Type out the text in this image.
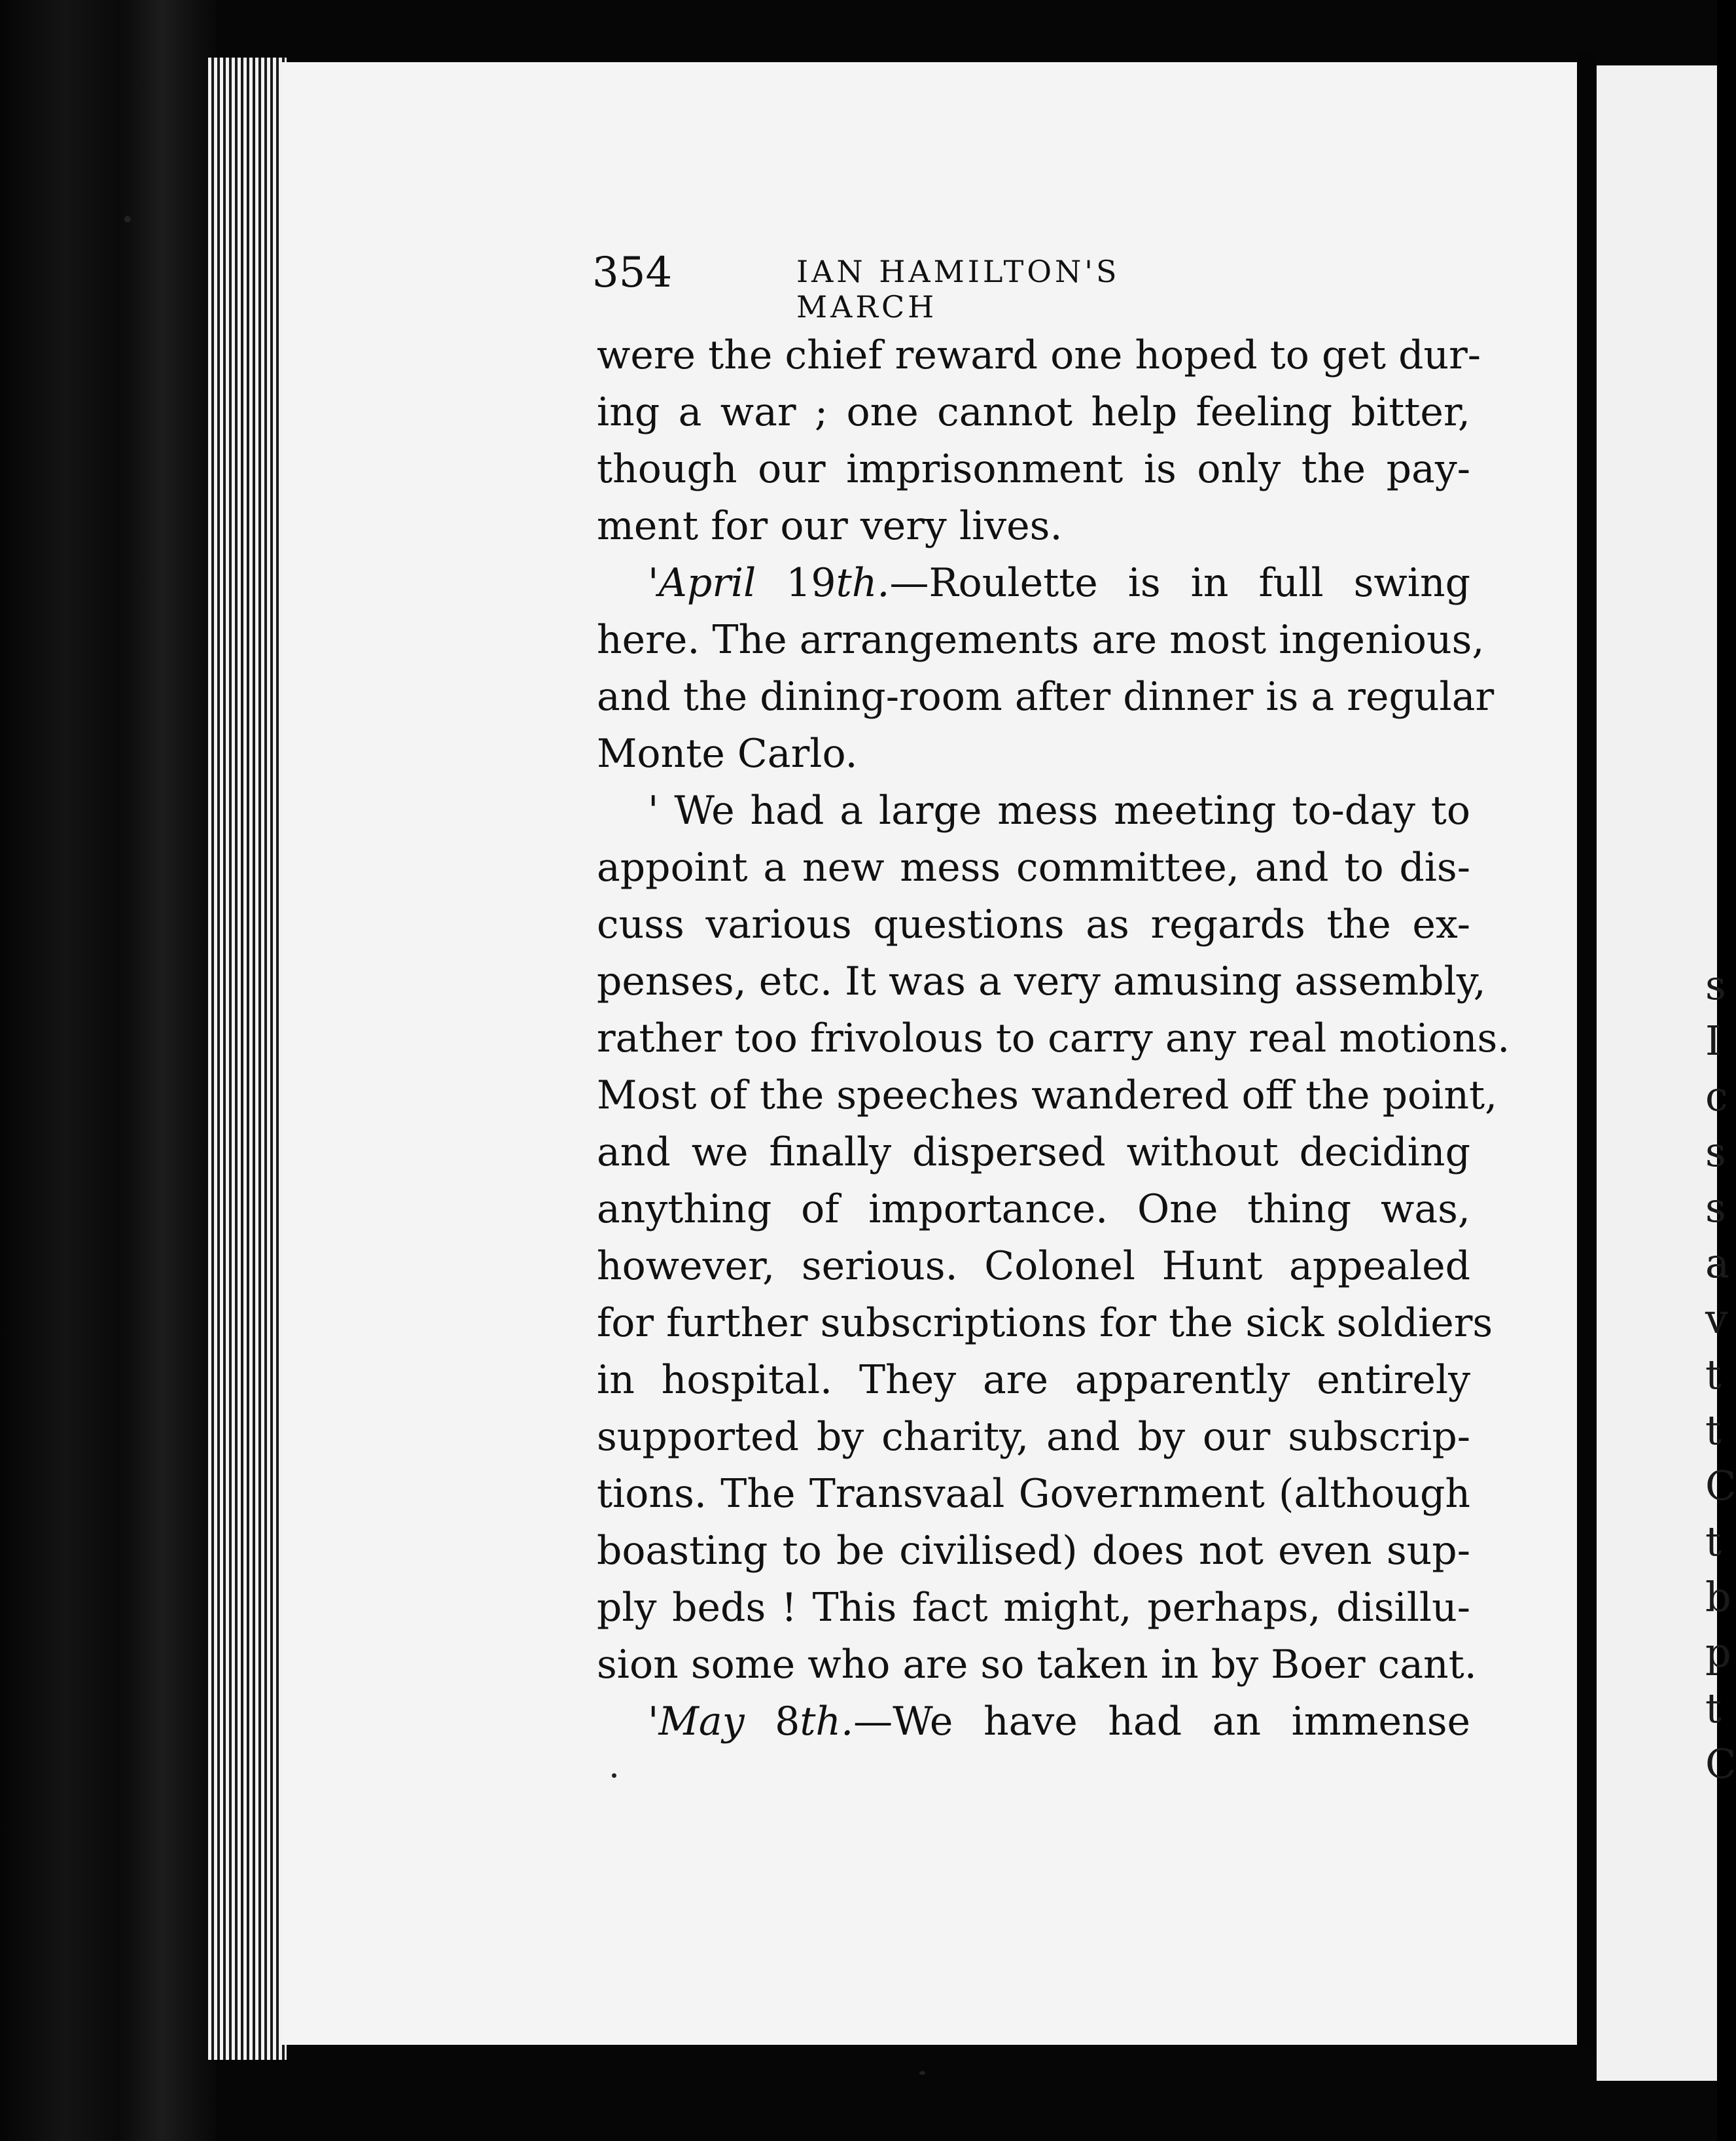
s
I
c
s
s
a
v
t
t
C
t
b
p
t
C
354	IAN HAMILTON'S MARCH
were the chief reward one hoped to get dur-
ing a war ; one cannot help feeling bitter,
though our imprisonment is only the pay-
ment for our very lives.
'April 19th.—Roulette is in full swing
here. The arrangements are most ingenious,
and the dining-room after dinner is a regular
Monte Carlo.
' We had a large mess meeting to-day to
appoint a new mess committee, and to dis-
cuss various questions as regards the ex-
penses, etc. It was a very amusing assembly,
rather too frivolous to carry any real motions.
Most of the speeches wandered off the point,
and we finally dispersed without deciding
anything of importance. One thing was,
however, serious. Colonel Hunt appealed
for further subscriptions for the sick soldiers
in hospital. They are apparently entirely
supported by charity, and by our subscrip-
tions. The Transvaal Government (although
boasting to be civilised) does not even sup-
ply beds ! This fact might, perhaps, disillu-
sion some who are so taken in by Boer cant.
'May 8th.—We have had an immense
